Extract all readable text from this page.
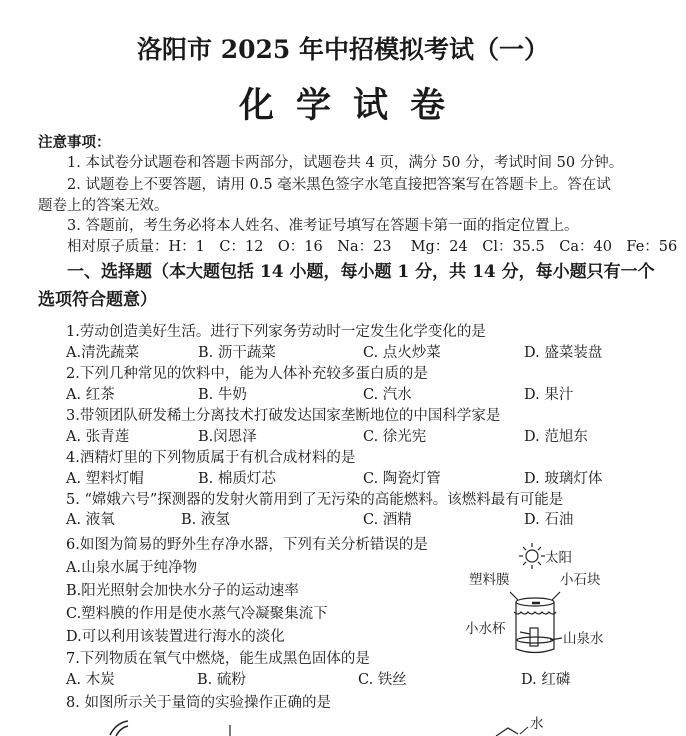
洛阳市 2025 年中招模拟考试（一）
化学试卷
注意事项：
1. 本试卷分试题卷和答题卡两部分，试题卷共 4 页，满分 50 分，考试时间 50 分钟。
2. 试题卷上不要答题，请用 0.5 毫米黑色签字水笔直接把答案写在答题卡上。答在试
题卷上的答案无效。
3. 答题前，考生务必将本人姓名、准考证号填写在答题卡第一面的指定位置上。
相对原子质量：H：1　C：12　O：16　Na：23　 Mg：24　Cl：35.5　Ca：40　Fe：56
一、选择题（本大题包括 14 小题，每小题 1 分，共 14 分，每小题只有一个
选项符合题意）
1.劳动创造美好生活。进行下列家务劳动时一定发生化学变化的是
A.清洗蔬菜	B. 沥干蔬菜	C. 点火炒菜	D. 盛菜装盘
2.下列几种常见的饮料中，能为人体补充较多蛋白质的是
A. 红茶	B. 牛奶	C. 汽水	D. 果汁
3.带领团队研发稀土分离技术打破发达国家垄断地位的中国科学家是
A. 张青莲	B.闵恩泽	C. 徐光宪	D. 范旭东
4.酒精灯里的下列物质属于有机合成材料的是
A. 塑料灯帽	B. 棉质灯芯	C. 陶瓷灯管	D. 玻璃灯体
5. “嫦娥六号”探测器的发射火箭用到了无污染的高能燃料。该燃料最有可能是
A. 液氧	B. 液氢	C. 酒精	D. 石油
6.如图为简易的野外生存净水器，下列有关分析错误的是
A.山泉水属于纯净物
B.阳光照射会加快水分子的运动速率
C.塑料膜的作用是使水蒸气冷凝聚集流下
D.可以利用该装置进行海水的淡化
7.下列物质在氧气中燃烧，能生成黑色固体的是
A. 木炭	B. 硫粉	C. 铁丝	D. 红磷
8. 如图所示关于量筒的实验操作正确的是
太阳
塑料膜	小石块
小水杯
山泉水
水
